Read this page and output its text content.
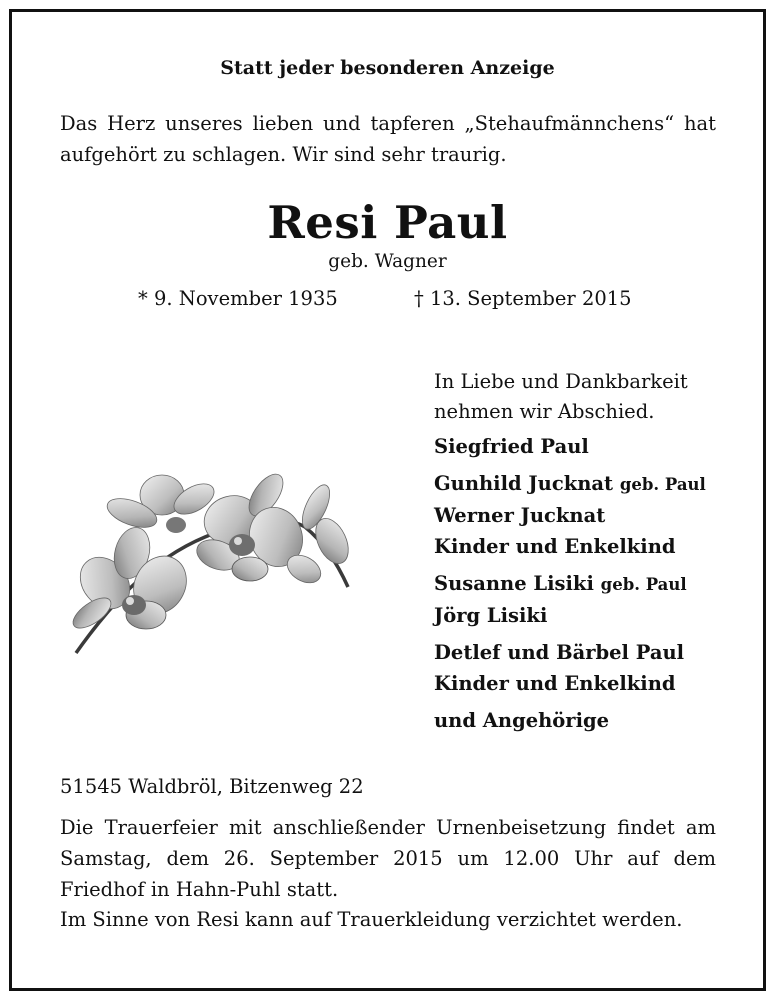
Statt jeder besonderen Anzeige

Das Herz unseres lieben und tapferen „Stehaufmännchens“ hat aufgehört zu schlagen. Wir sind sehr traurig.

Resi Paul

geb. Wagner

* 9. November 1935	† 13. September 2015

In Liebe und Dankbarkeit
nehmen wir Abschied.
Siegfried Paul
Gunhild Jucknat geb. Paul
Werner Jucknat
Kinder und Enkelkind
Susanne Lisiki geb. Paul
Jörg Lisiki
Detlef und Bärbel Paul
Kinder und Enkelkind
und Angehörige

51545 Waldbröl, Bitzenweg 22

Die Trauerfeier mit anschließender Urnenbeisetzung findet am Samstag, dem 26. September 2015 um 12.00 Uhr auf dem Friedhof in Hahn-Puhl statt.

Im Sinne von Resi kann auf Trauerkleidung verzichtet werden.
